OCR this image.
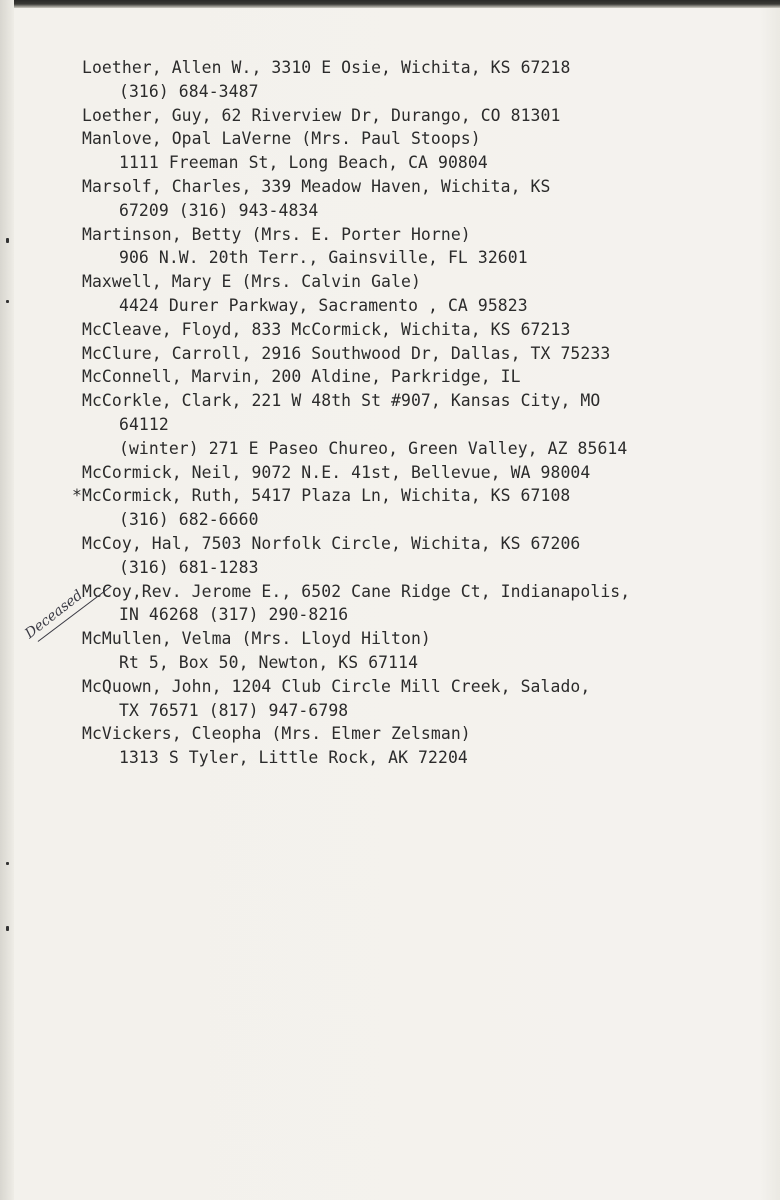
Loether, Allen W., 3310 E Osie, Wichita, KS 67218
(316) 684-3487
Loether, Guy, 62 Riverview Dr, Durango, CO 81301
Manlove, Opal LaVerne (Mrs. Paul Stoops)
1111 Freeman St, Long Beach, CA 90804
Marsolf, Charles, 339 Meadow Haven, Wichita, KS
67209 (316) 943-4834
Martinson, Betty (Mrs. E. Porter Horne)
906 N.W. 20th Terr., Gainsville, FL 32601
Maxwell, Mary E (Mrs. Calvin Gale)
4424 Durer Parkway, Sacramento , CA 95823
McCleave, Floyd, 833 McCormick, Wichita, KS 67213
McClure, Carroll, 2916 Southwood Dr, Dallas, TX 75233
McConnell, Marvin, 200 Aldine, Parkridge, IL
McCorkle, Clark, 221 W 48th St #907, Kansas City, MO
64112
(winter) 271 E Paseo Chureo, Green Valley, AZ 85614
McCormick, Neil, 9072 N.E. 41st, Bellevue, WA 98004
*McCormick, Ruth, 5417 Plaza Ln, Wichita, KS 67108
(316) 682-6660
McCoy, Hal, 7503 Norfolk Circle, Wichita, KS 67206
(316) 681-1283
McCoy,Rev. Jerome E., 6502 Cane Ridge Ct, Indianapolis,
IN 46268 (317) 290-8216
McMullen, Velma (Mrs. Lloyd Hilton)
Rt 5, Box 50, Newton, KS 67114
McQuown, John, 1204 Club Circle Mill Creek, Salado,
TX 76571 (817) 947-6798
McVickers, Cleopha (Mrs. Elmer Zelsman)
1313 S Tyler, Little Rock, AK 72204
Deceased
